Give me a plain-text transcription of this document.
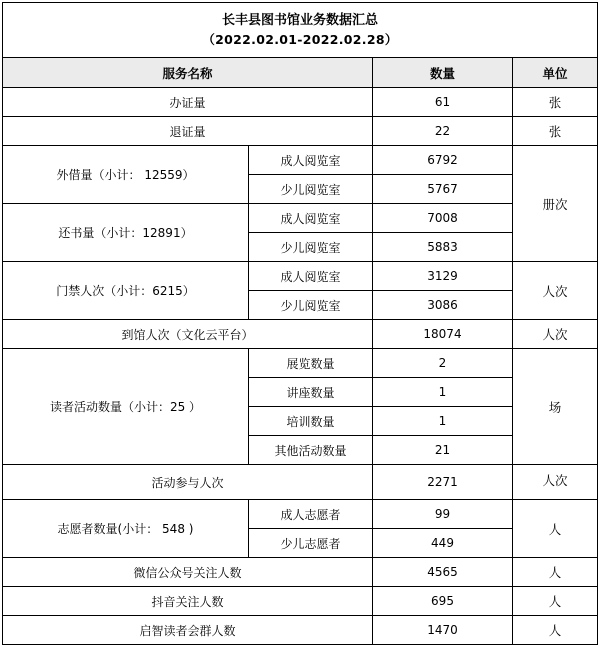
长丰县图书馆业务数据汇总
（2022.02.01-2022.02.28）			

服务名称		数量	单位
办证量		61	张
退证量		22	张
外借量（小计： 12559）	成人阅览室	6792	册次
	少儿阅览室	5767	
还书量（小计：12891）	成人阅览室	7008	
	少儿阅览室	5883	
门禁人次（小计：6215）	成人阅览室	3129	人次
	少儿阅览室	3086	
到馆人次（文化云平台）		18074	人次
读者活动数量（小计：25 ）	展览数量	2	场
	讲座数量	1	
	培训数量	1	
	其他活动数量	21	
活动参与人次		2271	人次
志愿者数量(小计： 548 )	成人志愿者	99	人
	少儿志愿者	449	
微信公众号关注人数		4565	人
抖音关注人数		695	人
启智读者会群人数		1470	人
